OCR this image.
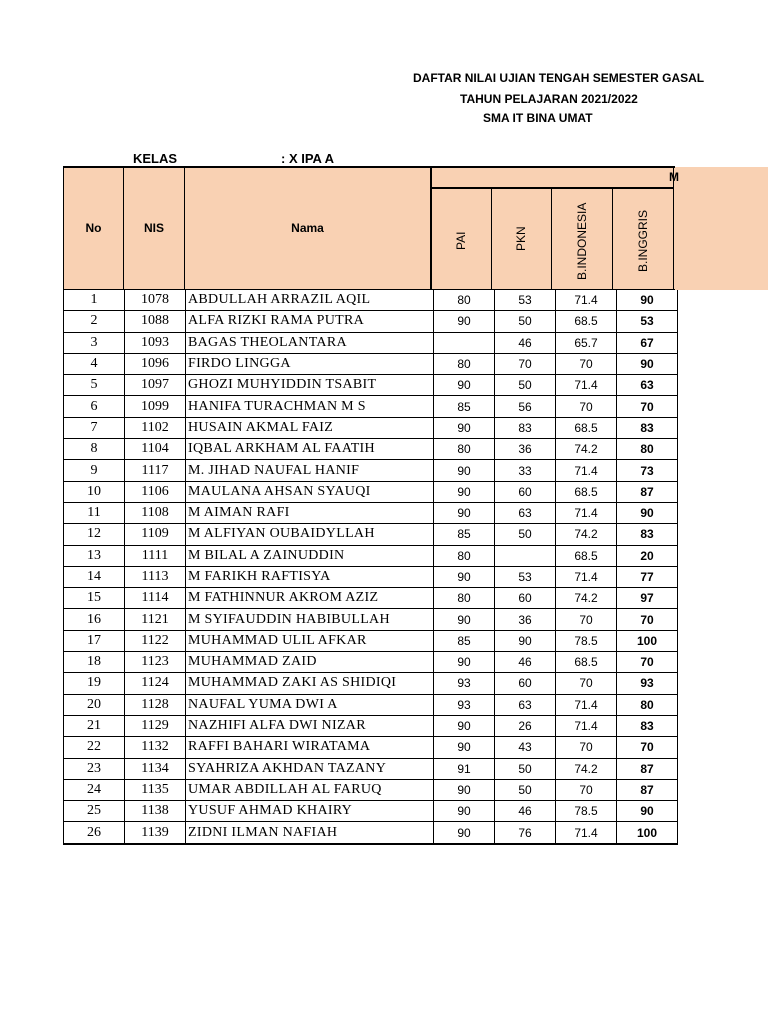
DAFTAR NILAI UJIAN TENGAH SEMESTER GASAL
TAHUN PELAJARAN 2021/2022
SMA IT BINA UMAT
KELAS	: X IPA A
No	NIS	Nama
M
PAI	PKN	B.INDONESIA	B.INGGRIS
1	1078	ABDULLAH ARRAZIL AQIL	80	53	71.4	90
2	1088	ALFA RIZKI RAMA PUTRA	90	50	68.5	53
3	1093	BAGAS THEOLANTARA		46	65.7	67
4	1096	FIRDO LINGGA	80	70	70	90
5	1097	GHOZI MUHYIDDIN TSABIT	90	50	71.4	63
6	1099	HANIFA TURACHMAN M S	85	56	70	70
7	1102	HUSAIN AKMAL FAIZ	90	83	68.5	83
8	1104	IQBAL ARKHAM AL FAATIH	80	36	74.2	80
9	1117	M. JIHAD NAUFAL HANIF	90	33	71.4	73
10	1106	MAULANA AHSAN SYAUQI	90	60	68.5	87
11	1108	M AIMAN RAFI	90	63	71.4	90
12	1109	M ALFIYAN OUBAIDYLLAH	85	50	74.2	83
13	1111	M BILAL A ZAINUDDIN	80		68.5	20
14	1113	M FARIKH RAFTISYA	90	53	71.4	77
15	1114	M FATHINNUR AKROM AZIZ	80	60	74.2	97
16	1121	M SYIFAUDDIN HABIBULLAH	90	36	70	70
17	1122	MUHAMMAD ULIL AFKAR	85	90	78.5	100
18	1123	MUHAMMAD ZAID	90	46	68.5	70
19	1124	MUHAMMAD ZAKI AS SHIDIQI	93	60	70	93
20	1128	NAUFAL YUMA DWI A	93	63	71.4	80
21	1129	NAZHIFI ALFA DWI NIZAR	90	26	71.4	83
22	1132	RAFFI BAHARI WIRATAMA	90	43	70	70
23	1134	SYAHRIZA AKHDAN TAZANY	91	50	74.2	87
24	1135	UMAR ABDILLAH AL FARUQ	90	50	70	87
25	1138	YUSUF AHMAD KHAIRY	90	46	78.5	90
26	1139	ZIDNI ILMAN NAFIAH	90	76	71.4	100
